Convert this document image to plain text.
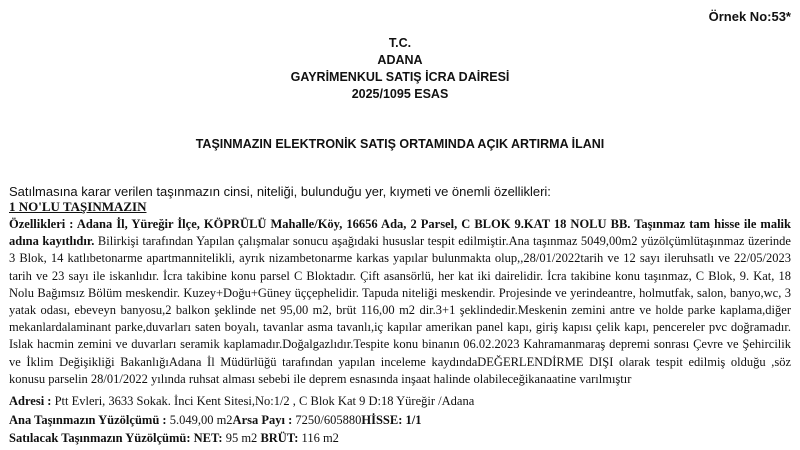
Örnek No:53*
T.C.
ADANA
GAYRİMENKUL SATIŞ İCRA DAİRESİ
2025/1095 ESAS
TAŞINMAZIN ELEKTRONİK SATIŞ ORTAMINDA AÇIK ARTIRMA İLANI
Satılmasına karar verilen taşınmazın cinsi, niteliği, bulunduğu yer, kıymeti ve önemli özellikleri:
1 NO'LU TAŞINMAZIN

Özellikleri : Adana İl, Yüreğir İlçe, KÖPRÜLÜ Mahalle/Köy, 16656 Ada, 2 Parsel, C BLOK 9.KAT 18 NOLU BB. Taşınmaz tam hisse ile malik adına kayıtlıdır. Bilirkişi tarafından Yapılan çalışmalar sonucu aşağıdaki hususlar tespit edilmiştir.Ana taşınmaz 5049,00m2 yüzölçümlütaşınmaz üzerinde 3 Blok, 14 katlıbetonarme apartmannitelikli, ayrık nizambetonarme karkas yapılar bulunmakta olup,,28/01/2022tarih ve 12 sayı ileruhsatlı ve 22/05/2023 tarih ve 23 sayı ile iskanlıdır. İcra takibine konu parsel C Bloktadır. Çift asansörlü, her kat iki dairelidir. İcra takibine konu taşınmaz, C Blok, 9. Kat, 18 Nolu Bağımsız Bölüm meskendir. Kuzey+Doğu+Güney üççephelidir. Tapuda niteliği meskendir. Projesinde ve yerindeantre, holmutfak, salon, banyo,wc, 3 yatak odası, ebeveyn banyosu,2 balkon şeklinde net 95,00 m2, brüt 116,00 m2 dir.3+1 şeklindedir.Meskenin zemini antre ve holde parke kaplama,diğer mekanlardalaminant parke,duvarları saten boyalı, tavanlar asma tavanlı,iç kapılar amerikan panel kapı, giriş kapısı çelik kapı, pencereler pvc doğramadır. Islak hacmin zemini ve duvarları seramik kaplamadır.Doğalgazlıdır.Tespite konu binanın 06.02.2023 Kahramanmaraş depremi sonrası Çevre ve Şehircilik ve İklim Değişikliği BakanlığıAdana İl Müdürlüğü tarafından yapılan inceleme kaydındaDEĞERLENDİRME DIŞI olarak tespit edilmiş olduğu ,söz konusu parselin 28/01/2022 yılında ruhsat alması sebebi ile deprem esnasında inşaat halinde olabileceğikanaatine varılmıştır

Adresi : Ptt Evleri, 3633 Sokak. İnci Kent Sitesi,No:1/2 , C Blok Kat 9 D:18 Yüreğir /Adana
Ana Taşınmazın Yüzölçümü : 5.049,00 m2Arsa Payı : 7250/605880HİSSE: 1/1
Satılacak Taşınmazın Yüzölçümü: NET: 95 m2 BRÜT: 116 m2
